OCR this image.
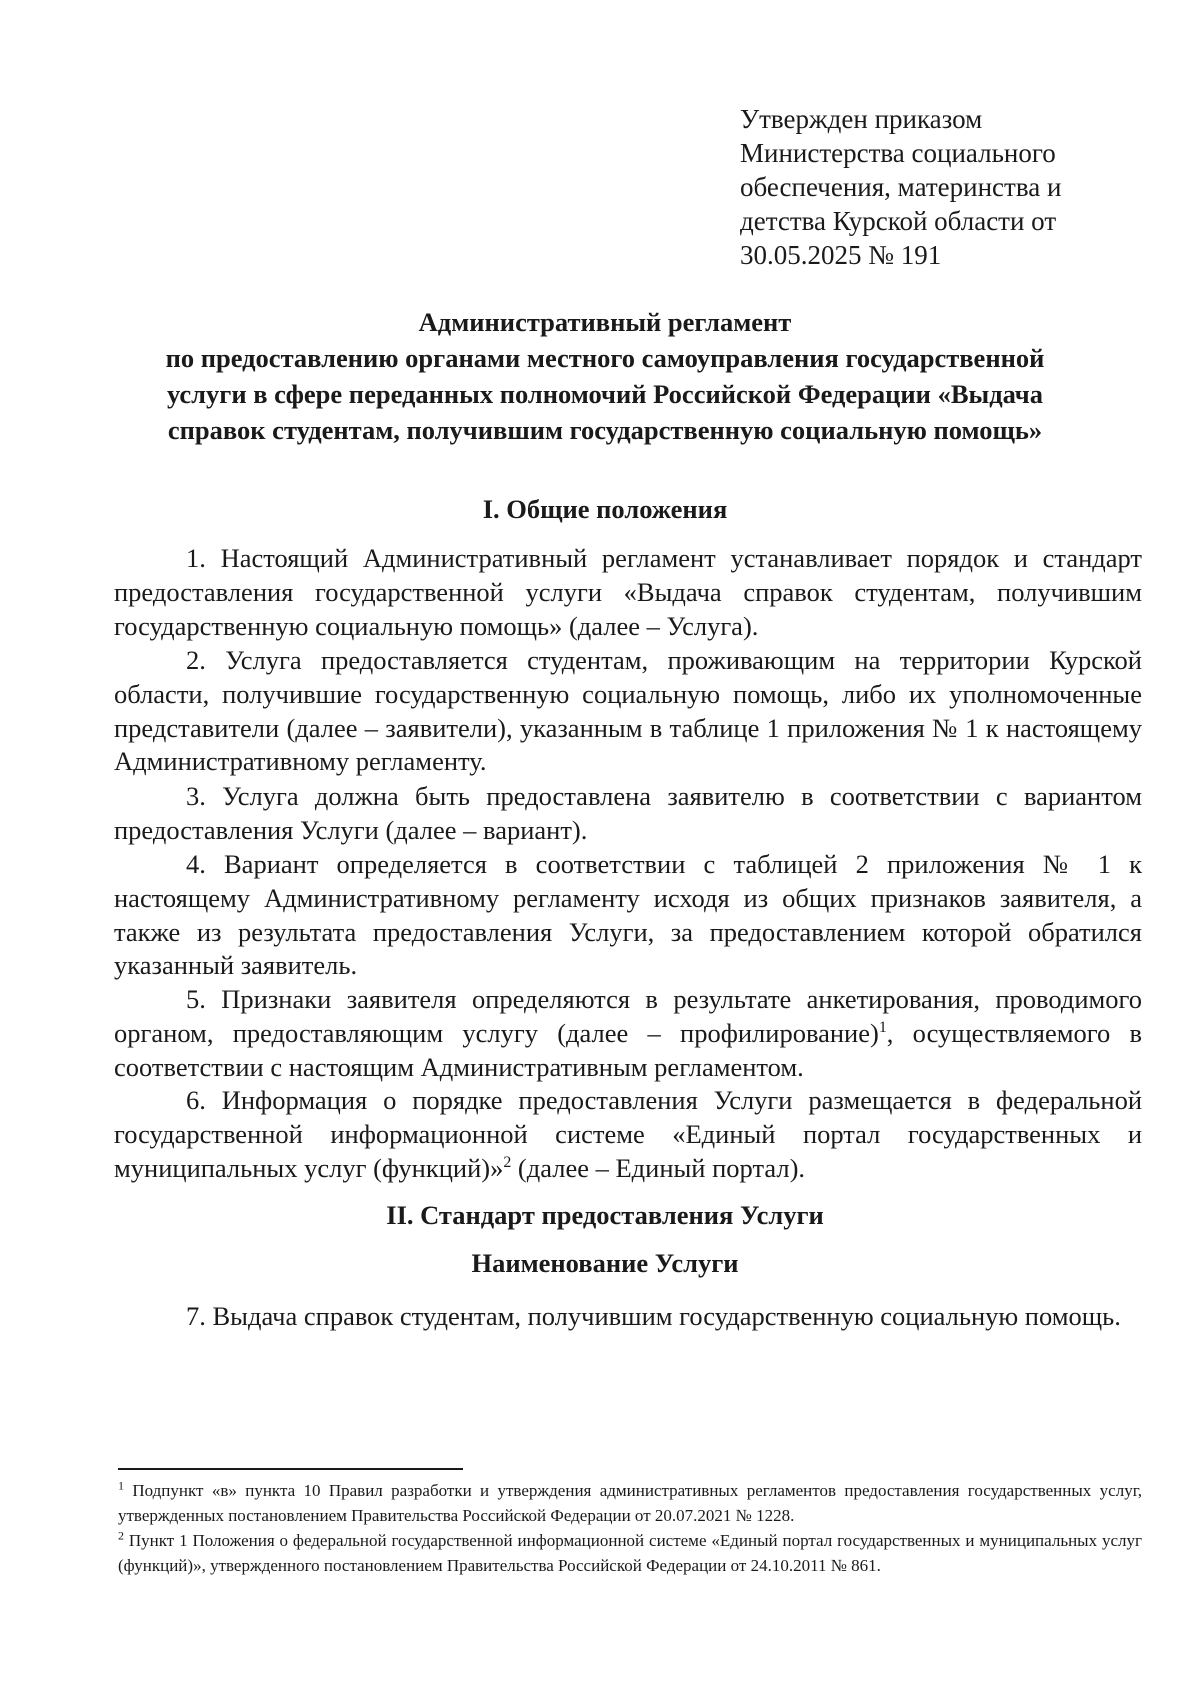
Утвержден приказом
Министерства социального
обеспечения, материнства и
детства Курской области от
30.05.2025 № 191
Административный регламент
по предоставлению органами местного самоуправления государственной
услуги в сфере переданных полномочий Российской Федерации «Выдача
справок студентам, получившим государственную социальную помощь»
I. Общие положения
1. Настоящий Административный регламент устанавливает порядок и стандарт предоставления государственной услуги «Выдача справок студентам, получившим государственную социальную помощь» (далее – Услуга).
2. Услуга предоставляется студентам, проживающим на территории Курской области, получившие государственную социальную помощь, либо их уполномоченные представители (далее – заявители), указанным в таблице 1 приложения № 1 к настоящему Административному регламенту.
3. Услуга должна быть предоставлена заявителю в соответствии с вариантом предоставления Услуги (далее – вариант).
4. Вариант определяется в соответствии с таблицей 2 приложения № 1 к настоящему Административному регламенту исходя из общих признаков заявителя, а также из результата предоставления Услуги, за предоставлением которой обратился указанный заявитель.
5. Признаки заявителя определяются в результате анкетирования, проводимого органом, предоставляющим услугу (далее – профилирование)$^1$, осуществляемого в соответствии с настоящим Административным регламентом.
6. Информация о порядке предоставления Услуги размещается в федеральной государственной информационной системе «Единый портал государственных и муниципальных услуг (функций)»$^2$ (далее – Единый портал).
II. Стандарт предоставления Услуги
Наименование Услуги
7. Выдача справок студентам, получившим государственную социальную помощь.
$^1$ Подпункт «в» пункта 10 Правил разработки и утверждения административных регламентов предоставления государственных услуг, утвержденных постановлением Правительства Российской Федерации от 20.07.2021 № 1228.
$^2$ Пункт 1 Положения о федеральной государственной информационной системе «Единый портал государственных и муниципальных услуг (функций)», утвержденного постановлением Правительства Российской Федерации от 24.10.2011 № 861.
